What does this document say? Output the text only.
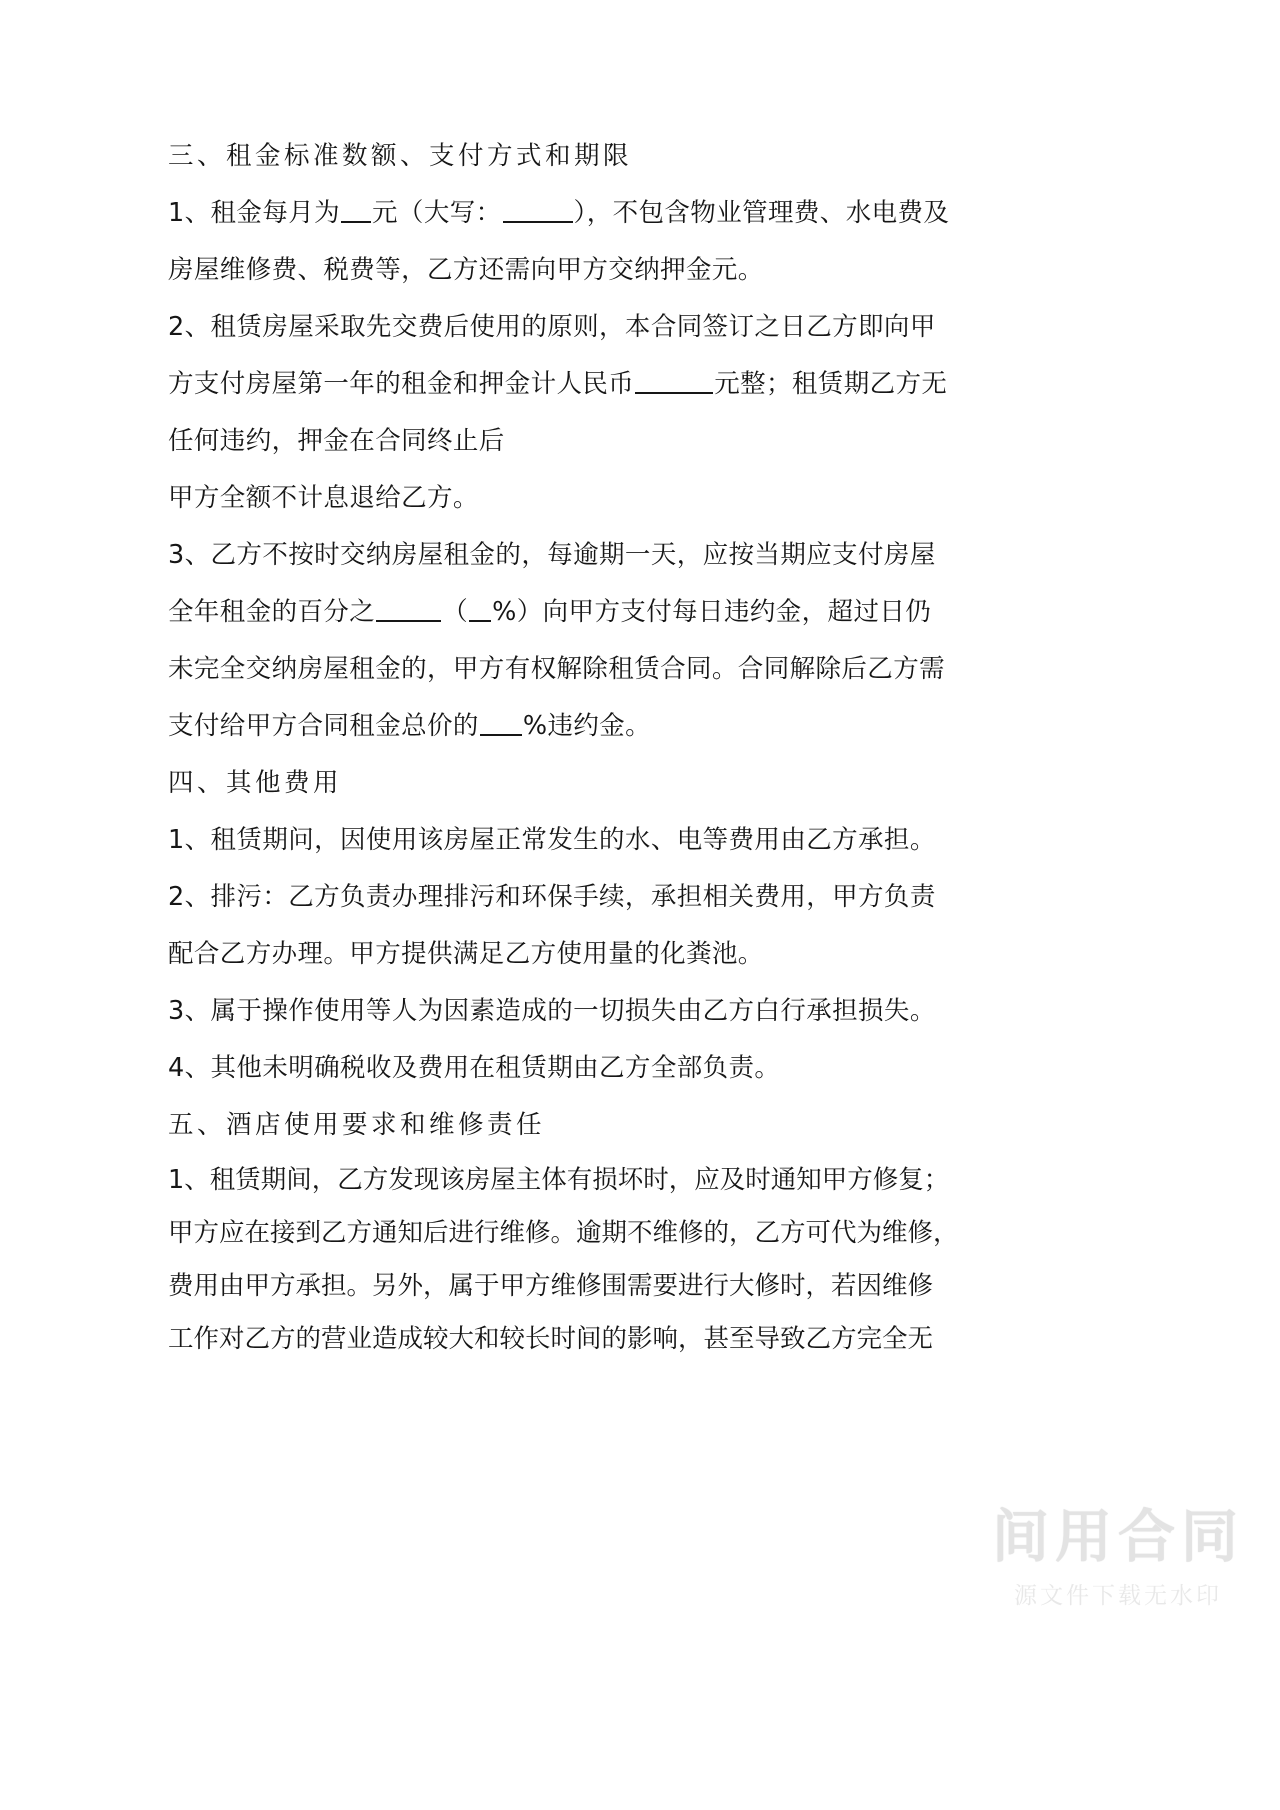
三、租金标准数额、支付方式和期限
1、租金每月为 元（大写：	），不包含物业管理费、水电费及
房屋维修费、税费等，乙方还需向甲方交纳押金元。
2、租赁房屋采取先交费后使用的原则，本合同签订之日乙方即向甲
方支付房屋第一年的租金和押金计人民币	元整；租赁期乙方无
任何违约，押金在合同终止后
甲方全额不计息退给乙方。
3、乙方不按时交纳房屋租金的，每逾期一天，应按当期应支付房屋
全年租金的百分之	（ %）向甲方支付每日违约金，超过日仍
未完全交纳房屋租金的，甲方有权解除租赁合同。合同解除后乙方需
支付给甲方合同租金总价的 %违约金。
四、其他费用
1、租赁期问，因使用该房屋正常发生的水、电等费用由乙方承担。
2、排污：乙方负责办理排污和环保手续，承担相关费用，甲方负责
配合乙方办理。甲方提供满足乙方使用量的化粪池。
3、属于操作使用等人为因素造成的一切损失由乙方白行承担损失。
4、其他未明确税收及费用在租赁期由乙方全部负责。
五、酒店使用要求和维修责任
1、租赁期间，乙方发现该房屋主体有损坏时，应及时通知甲方修复；
甲方应在接到乙方通知后进行维修。逾期不维修的，乙方可代为维修，
费用由甲方承担。另外，属于甲方维修围需要进行大修时，若因维修
工作对乙方的营业造成较大和较长时间的影响，甚至导致乙方完全无
间用合同
源文件下载无水印
